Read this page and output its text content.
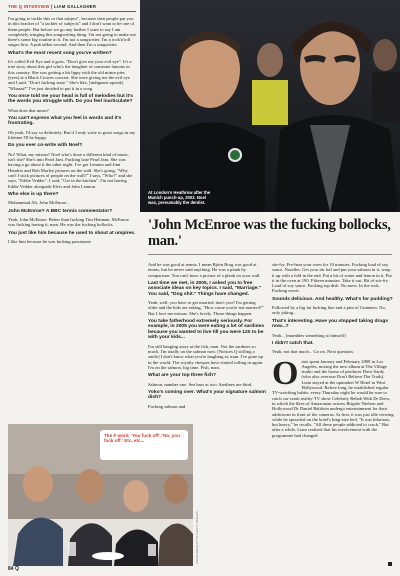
THE Q INTERVIEW | LIAM GALLAGHER

I'm going to tackle this or that subject", because then people put you in this bracket of "a tackler of subjects" and I don't want to be one of them people. But before we go any further I want to say I am completely winging this songwriting thing. I'm not going to make out there's some big routine to it. I'm not a songwriter. I'm a rock'n'roll singer first. A pub talker second. And then I'm a songwriter.

What's the most recent song you've written?

It's called Evil Eye and it goes, "Don't give me your evil eye". It's a true story about this girl who's the daughter of someone famous in this country. She was getting a bit lippy with the old mince pies [eyes] at a Black Crowes concert. She were giving me the evil eye and I said, "Don't fucking stare." She's like, [indignant squeak] "Whaaat?" I've just decided to put it in a song.

You once told me your head is full of melodies but it's the words you struggle with. Do you feel inarticulate?

What does that mean?

You can't express what you feel in words and it's frustrating.

Oh yeah, I'd say so definitely. But if I only write to great songs in my lifetime I'll be happy.

Do you ever co-write with Noel?

No! What, my missus? Noel who's done a different kind of music, isn't she? She's into Pearl Jam. Fucking hate Pearl Jam. She was having a go about it the other night. I've got Lennon and Jimi Hendrix and Bob Marley pictures on the wall. She's going, "Why can't I stick pictures of people on the wall?" I says, "Who?" and she says, "Eddie Vedder". I said, "Get in the kitchen". I'm not having Eddie Vedder alongside Elvis and John Lennon.

Who else is up there?

Muhammad Ali. John McEnroe...

John McEnroe? A BBC tennis commentator?

Yeah, John McEnroe. Better than fucking Tim Henman. McEnroe was fucking having it, man. He was the fucking bollocks.

You just like him because he used to shout at umpires.

I like him because he was fucking passionate.

At London's Heathrow after the Munich punch-up, 2002. Noel was, presumably the dentist.
'John McEnroe was the fucking bollocks, man.'

And he was good at tennis. I mean Björn Borg was good at tennis, but he never said anything. He was a plank by comparison. You can't have a picture of a plank on your wall.

Last time we met, in 2005, I asked you to free associate ideas on key topics. I said, "Marriage." You said, "Dog shit." Things have changed.

Yeah, well, you have to get married, don't you? I'm getting older and the kids are asking, "How come you're not married?" But I love me missus. She's lovely. Those things happen.

You take fatherhood extremely seriously. For example, in 2005 you were eating a lot of sardines because you wanted to live till you were 120 to be with your kids...

I'm still banging away at the fish, man. Not the sardines so much. I'm totally on the salmon now. [Notices Q stifling a smile] I don't know what you're laughing at, man. I've gone up in the world. The royalty cheques have started rolling in again. I'm on the salmon, big time. Fish, man.

What are your top three fish?

Salmon, number one. Sea bass at two. Sardines are third.

Yoko's coming over. What's your signature salmon dish?

Fucking salmon and

stir-fry. Pre-heat your oven for 10 minutes. Fucking load of soy sauce. Noodles. Get your tin foil and put your salmon in it, wrap it up with a fold in the end. Put a bit of water and lemon in it. Put it in the oven at 190. Fifteen minutes. Take it out. Bit of stir-fry. Load of soy sauce. Fucking top dish. No mess. In the wok. Fucking sweet.

Sounds delicious. And healthy. What's for pudding?

Followed by a big fat fucking line and a pint of Guinness. No, only joking...

That's interesting. Have you stopped taking drugs now...?

Yeah... [mumbles something to himself]

I didn't catch that.

Yeah, not that much... Go on. Next question.

Oasis spent January and February 2008 in Los Angeles, mixing the new album at The Village studio and the house of producer Dave Sardy (who also oversaw Don't Believe The Truth). Liam stayed at the upmarket W Hotel in West Hollywood. Before long, he established regular TV-watching habits: every Thursday night he would be sure to catch car-crash reality-TV show Celebrity Rehab With Dr Drew, in which the likes of Amazonian actress Brigitte Nielsen and Hollywood Dr Daniel Baldwin undergo entertainment for their addictions in front of the cameras. At first, it was just idle viewing while he sprawled on the hotel's king-size bed. "It was hilarious, but heavy," he recalls. "All these people addicted to crack." But after a while, Liam realised that his involvement with the programme had changed.
The F word, 'You fuck off', 'No, you fuck off.' Etc, etc...
FRANK MICELOTTA / GETTY IMAGES
84 Q
